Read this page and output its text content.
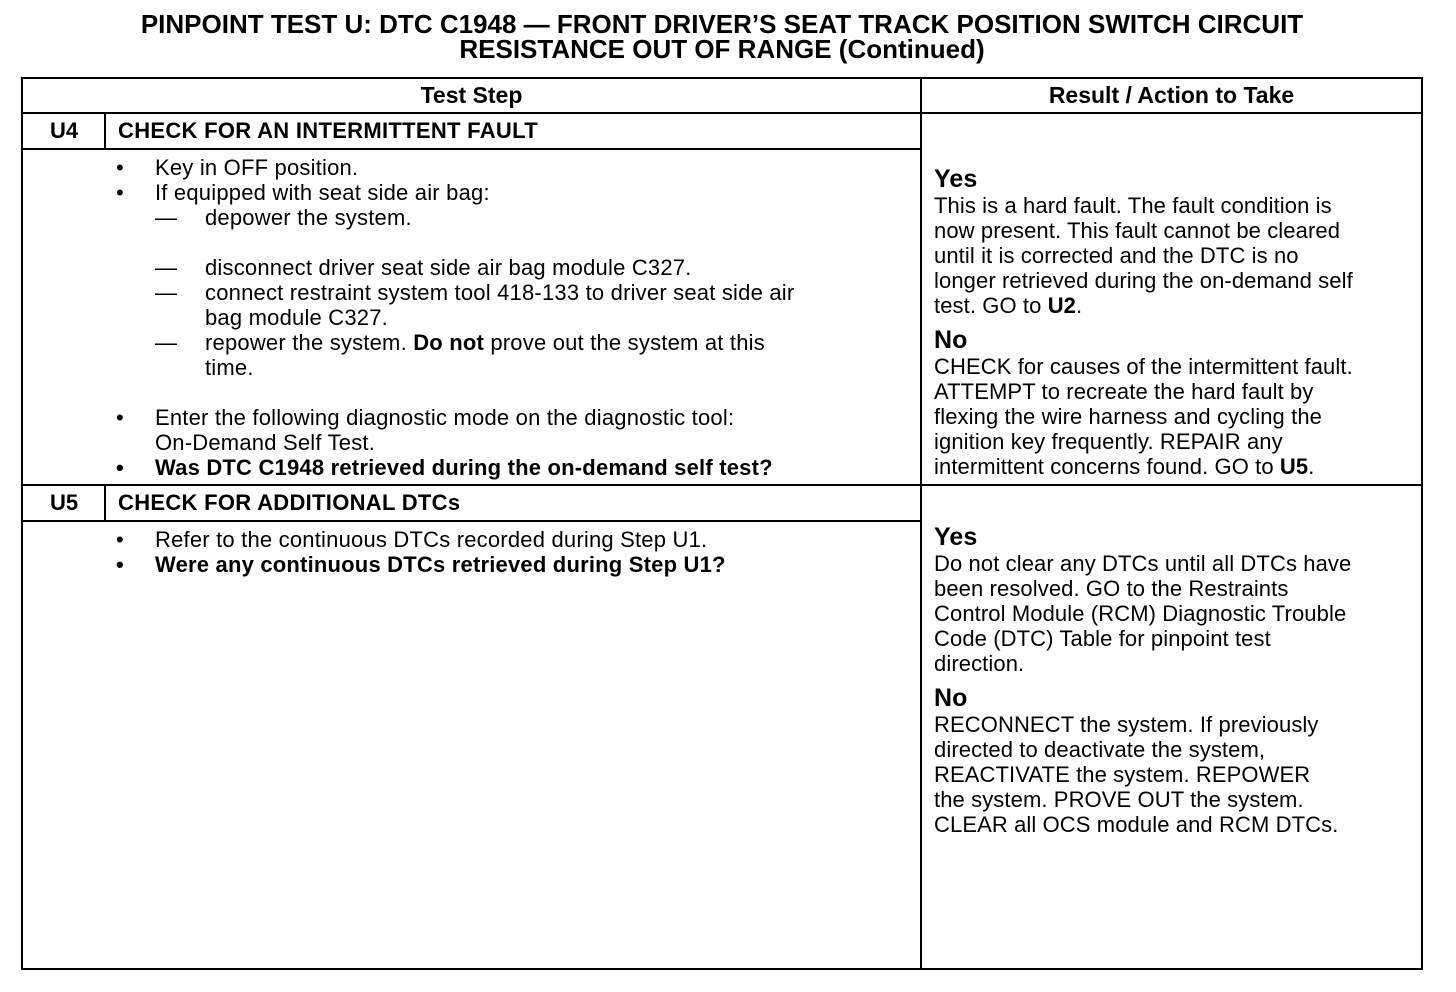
PINPOINT TEST U: DTC C1948 — FRONT DRIVER’S SEAT TRACK POSITION SWITCH CIRCUIT
RESISTANCE OUT OF RANGE (Continued)
Test Step	Result / Action to Take
U4	CHECK FOR AN INTERMITTENT FAULT
• Key in OFF position.
• If equipped with seat side air bag:
— depower the system.
— disconnect driver seat side air bag module C327.
— connect restraint system tool 418-133 to driver seat side air
bag module C327.
— repower the system. Do not prove out the system at this
time.
• Enter the following diagnostic mode on the diagnostic tool:
On-Demand Self Test.
• Was DTC C1948 retrieved during the on-demand self test?
Yes
This is a hard fault. The fault condition is
now present. This fault cannot be cleared
until it is corrected and the DTC is no
longer retrieved during the on-demand self
test. GO to U2.
No
CHECK for causes of the intermittent fault.
ATTEMPT to recreate the hard fault by
flexing the wire harness and cycling the
ignition key frequently. REPAIR any
intermittent concerns found. GO to U5.
U5	CHECK FOR ADDITIONAL DTCs
• Refer to the continuous DTCs recorded during Step U1.
• Were any continuous DTCs retrieved during Step U1?
Yes
Do not clear any DTCs until all DTCs have
been resolved. GO to the Restraints
Control Module (RCM) Diagnostic Trouble
Code (DTC) Table for pinpoint test
direction.
No
RECONNECT the system. If previously
directed to deactivate the system,
REACTIVATE the system. REPOWER
the system. PROVE OUT the system.
CLEAR all OCS module and RCM DTCs.
